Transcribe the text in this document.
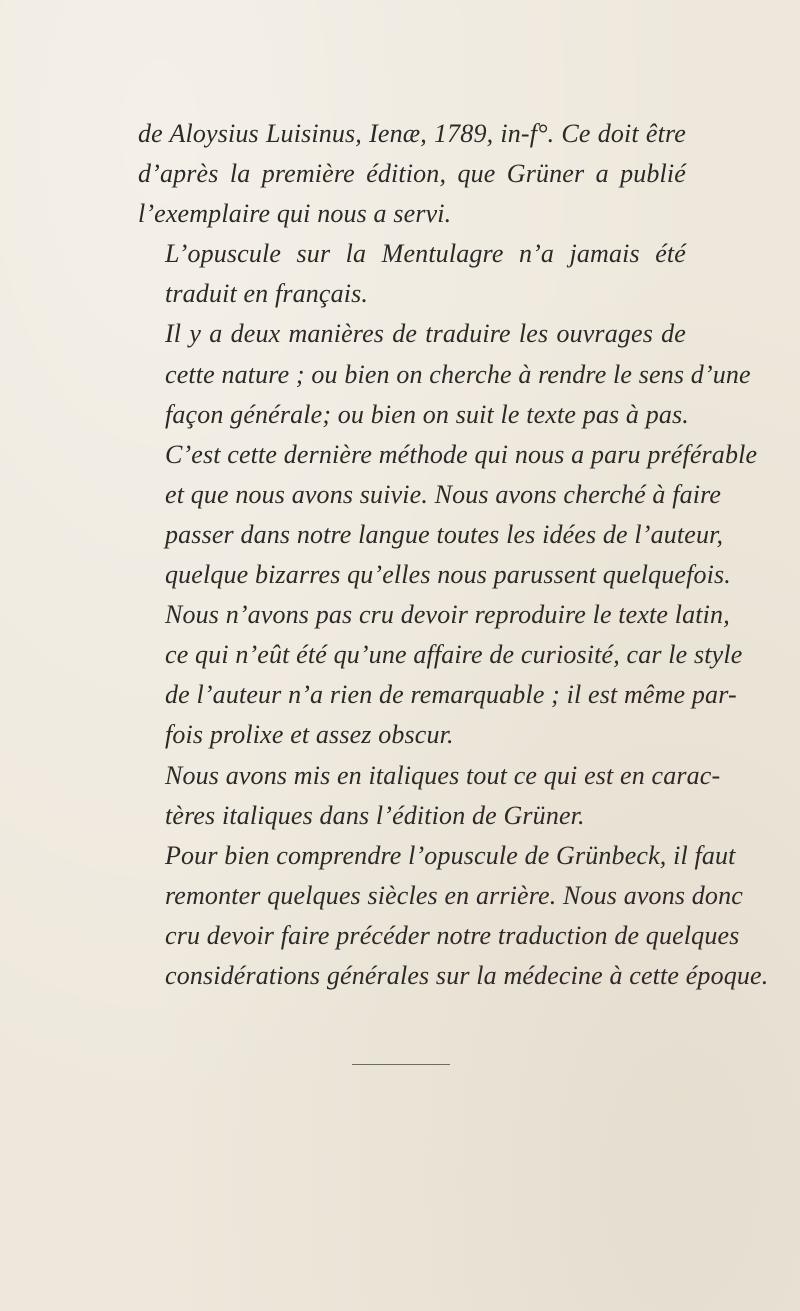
de Aloysius Luisinus, Ienæ, 1789, in-f°. Ce doit être
d’après la première édition, que Grüner a publié
l’exemplaire qui nous a servi.

L’opuscule sur la Mentulagre n’a jamais été
traduit en français.

Il y a deux manières de traduire les ouvrages de
cette nature ; ou bien on cherche à rendre le sens d’une
façon générale; ou bien on suit le texte pas à pas.
C’est cette dernière méthode qui nous a paru préférable
et que nous avons suivie. Nous avons cherché à faire
passer dans notre langue toutes les idées de l’auteur,
quelque bizarres qu’elles nous parussent quelquefois.

Nous n’avons pas cru devoir reproduire le texte latin,
ce qui n’eût été qu’une affaire de curiosité, car le style
de l’auteur n’a rien de remarquable ; il est même par-
fois prolixe et assez obscur.

Nous avons mis en italiques tout ce qui est en carac-
tères italiques dans l’édition de Grüner.

Pour bien comprendre l’opuscule de Grünbeck, il faut
remonter quelques siècles en arrière. Nous avons donc
cru devoir faire précéder notre traduction de quelques
considérations générales sur la médecine à cette époque.
